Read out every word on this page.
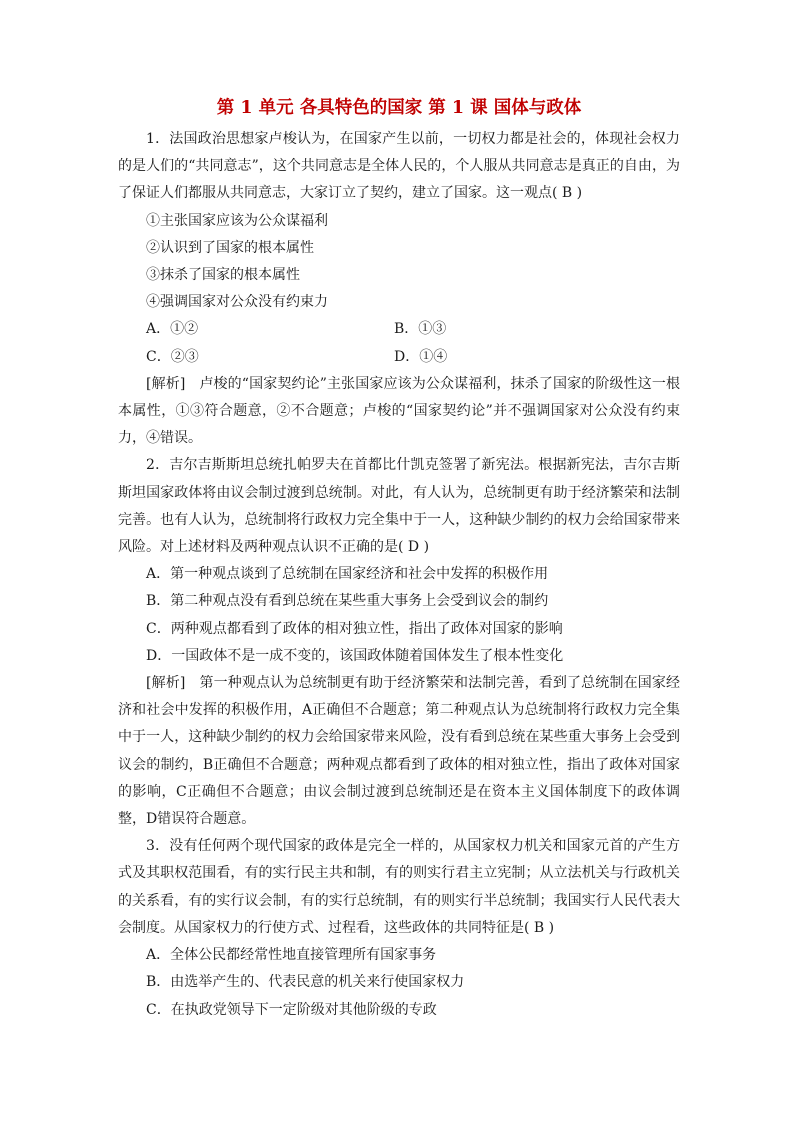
第 1 单元 各具特色的国家 第 1 课 国体与政体

1．法国政治思想家卢梭认为，在国家产生以前，一切权力都是社会的，体现社会权力的是人们的“共同意志”，这个共同意志是全体人民的，个人服从共同意志是真正的自由，为了保证人们都服从共同意志，大家订立了契约，建立了国家。这一观点( B )

①主张国家应该为公众谋福利
②认识到了国家的根本属性
③抹杀了国家的根本属性
④强调国家对公众没有约束力
A．①②	B．①③
C．②③	D．①④

[解析] 卢梭的“国家契约论”主张国家应该为公众谋福利，抹杀了国家的阶级性这一根本属性，①③符合题意，②不合题意；卢梭的“国家契约论”并不强调国家对公众没有约束力，④错误。

2．吉尔吉斯斯坦总统扎帕罗夫在首都比什凯克签署了新宪法。根据新宪法，吉尔吉斯斯坦国家政体将由议会制过渡到总统制。对此，有人认为，总统制更有助于经济繁荣和法制完善。也有人认为，总统制将行政权力完全集中于一人，这种缺少制约的权力会给国家带来风险。对上述材料及两种观点认识不正确的是( D )

A．第一种观点谈到了总统制在国家经济和社会中发挥的积极作用
B．第二种观点没有看到总统在某些重大事务上会受到议会的制约
C．两种观点都看到了政体的相对独立性，指出了政体对国家的影响
D．一国政体不是一成不变的，该国政体随着国体发生了根本性变化

[解析] 第一种观点认为总统制更有助于经济繁荣和法制完善，看到了总统制在国家经济和社会中发挥的积极作用，A正确但不合题意；第二种观点认为总统制将行政权力完全集中于一人，这种缺少制约的权力会给国家带来风险，没有看到总统在某些重大事务上会受到议会的制约，B正确但不合题意；两种观点都看到了政体的相对独立性，指出了政体对国家的影响，C正确但不合题意；由议会制过渡到总统制还是在资本主义国体制度下的政体调整，D错误符合题意。

3．没有任何两个现代国家的政体是完全一样的，从国家权力机关和国家元首的产生方式及其职权范围看，有的实行民主共和制，有的则实行君主立宪制；从立法机关与行政机关的关系看，有的实行议会制，有的实行总统制，有的则实行半总统制；我国实行人民代表大会制度。从国家权力的行使方式、过程看，这些政体的共同特征是( B )

A．全体公民都经常性地直接管理所有国家事务
B．由选举产生的、代表民意的机关来行使国家权力
C．在执政党领导下一定阶级对其他阶级的专政
